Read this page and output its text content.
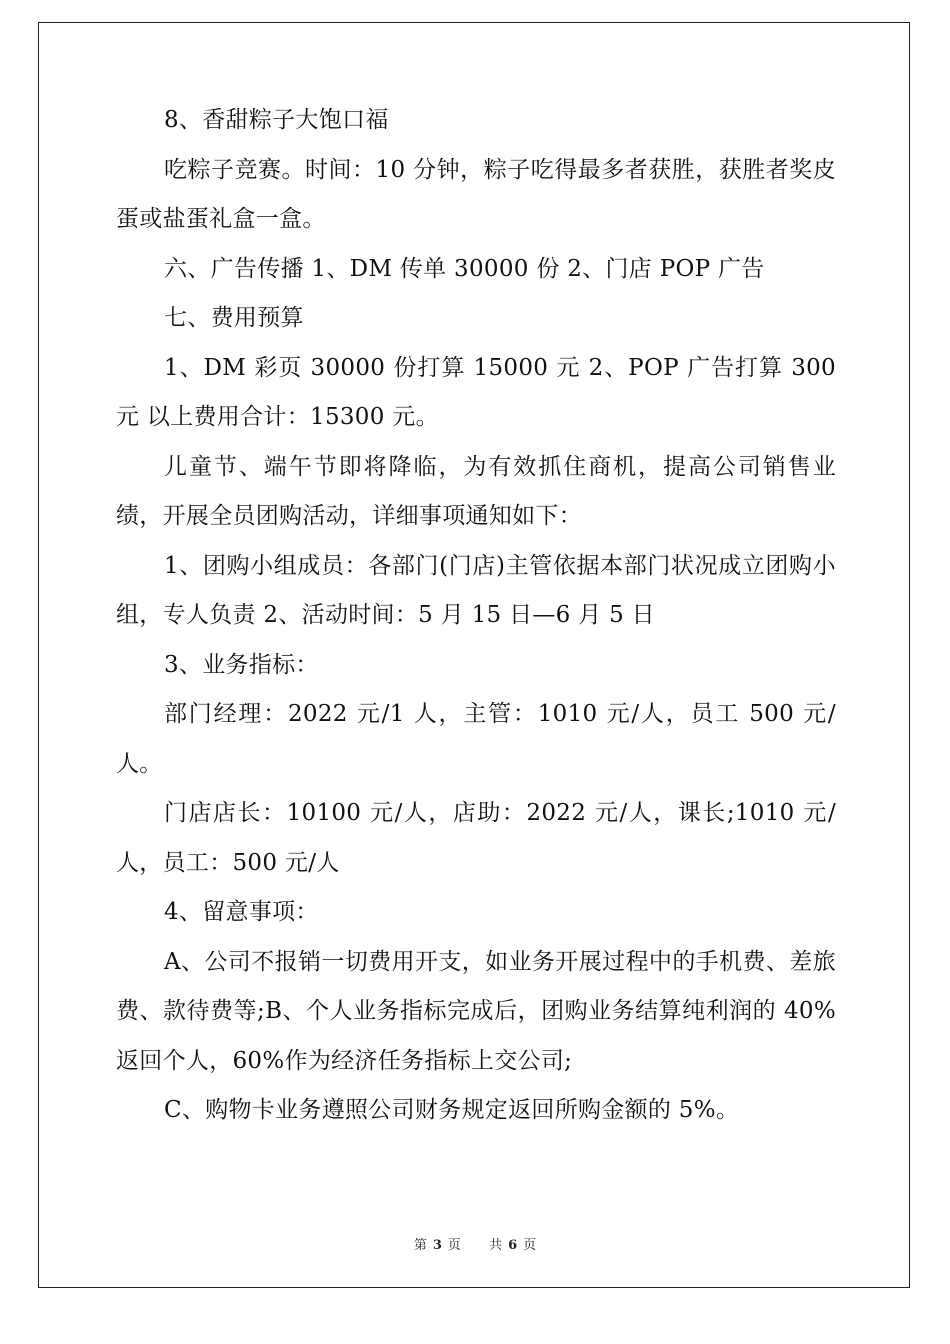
8、香甜粽子大饱口福

吃粽子竞赛。时间：10 分钟，粽子吃得最多者获胜，获胜者奖皮蛋或盐蛋礼盒一盒。

六、广告传播 1、DM 传单 30000 份 2、门店 POP 广告

七、费用预算

1、DM 彩页 30000 份打算 15000 元 2、POP 广告打算 300 元 以上费用合计：15300 元。

儿童节、端午节即将降临，为有效抓住商机，提高公司销售业绩，开展全员团购活动，详细事项通知如下：

1、团购小组成员：各部门(门店)主管依据本部门状况成立团购小组，专人负责 2、活动时间：5 月 15 日—6 月 5 日

3、业务指标：

部门经理：2022 元/1 人，主管：1010 元/人，员工 500 元/人。

门店店长：10100 元/人，店助：2022 元/人，课长;1010 元/人，员工：500 元/人

4、留意事项：

A、公司不报销一切费用开支，如业务开展过程中的手机费、差旅费、款待费等;B、个人业务指标完成后，团购业务结算纯利润的 40%返回个人，60%作为经济任务指标上交公司;

C、购物卡业务遵照公司财务规定返回所购金额的 5%。

第 3 页 共 6 页
